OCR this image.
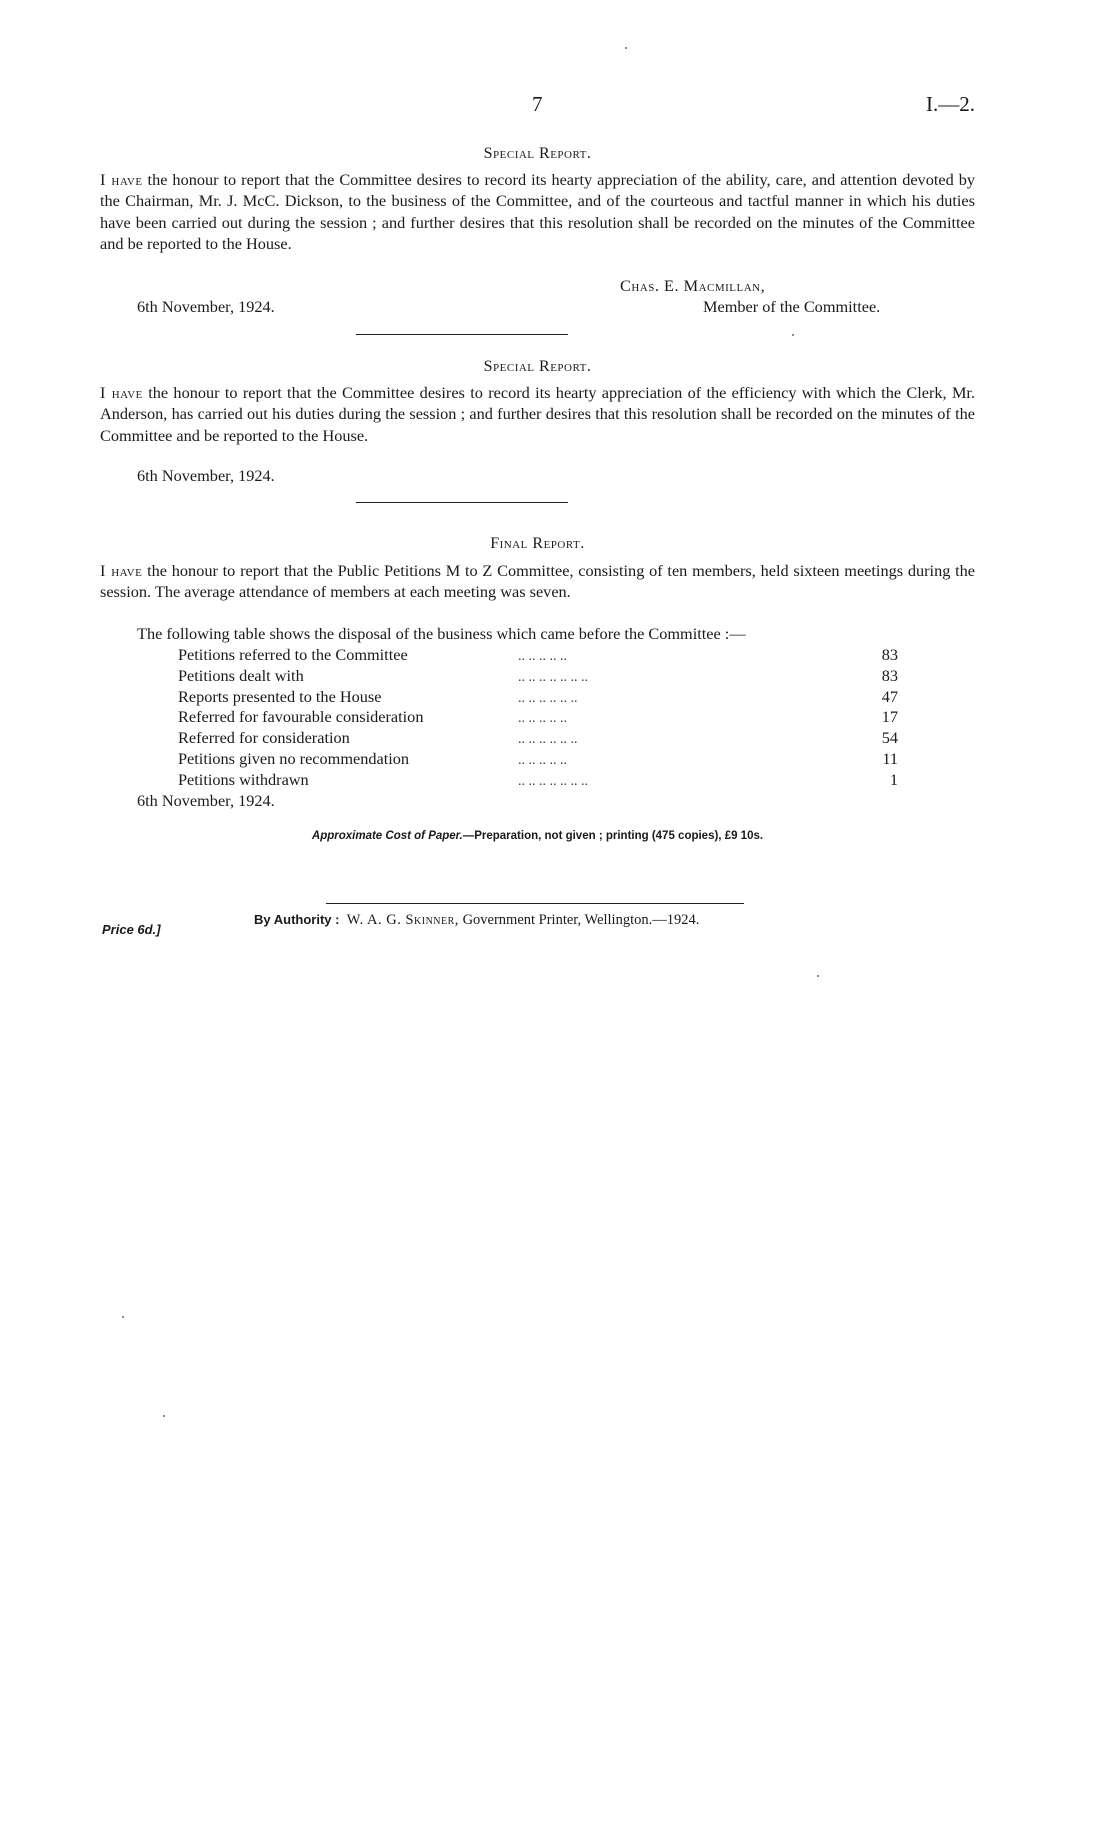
7	I.—2.
Special Report.

I have the honour to report that the Committee desires to record its hearty appreciation of the ability, care, and attention devoted by the Chairman, Mr. J. McC. Dickson, to the business of the Committee, and of the courteous and tactful manner in which his duties have been carried out during the session ; and further desires that this resolution shall be recorded on the minutes of the Committee and be reported to the House.

Chas. E. Macmillan,
6th November, 1924.	Member of the Committee.
Special Report.

I have the honour to report that the Committee desires to record its hearty appreciation of the efficiency with which the Clerk, Mr. Anderson, has carried out his duties during the session ; and further desires that this resolution shall be recorded on the minutes of the Committee and be reported to the House.

6th November, 1924.
Final Report.

I have the honour to report that the Public Petitions M to Z Committee, consisting of ten members, held sixteen meetings during the session. The average attendance of members at each meeting was seven.

The following table shows the disposal of the business which came before the Committee :—
Petitions referred to the Committee	.. .. .. .. ..	83
Petitions dealt with	.. .. .. .. .. .. ..	83
Reports presented to the House	.. .. .. .. .. ..	47
Referred for favourable consideration	.. .. .. .. ..	17
Referred for consideration	.. .. .. .. .. ..	54
Petitions given no recommendation	.. .. .. .. ..	11
Petitions withdrawn	.. .. .. .. .. .. ..	1
6th November, 1924.
Approximate Cost of Paper.—Preparation, not given ; printing (475 copies), £9 10s.
Price 6d.]
By Authority : W. A. G. Skinner, Government Printer, Wellington.—1924.
